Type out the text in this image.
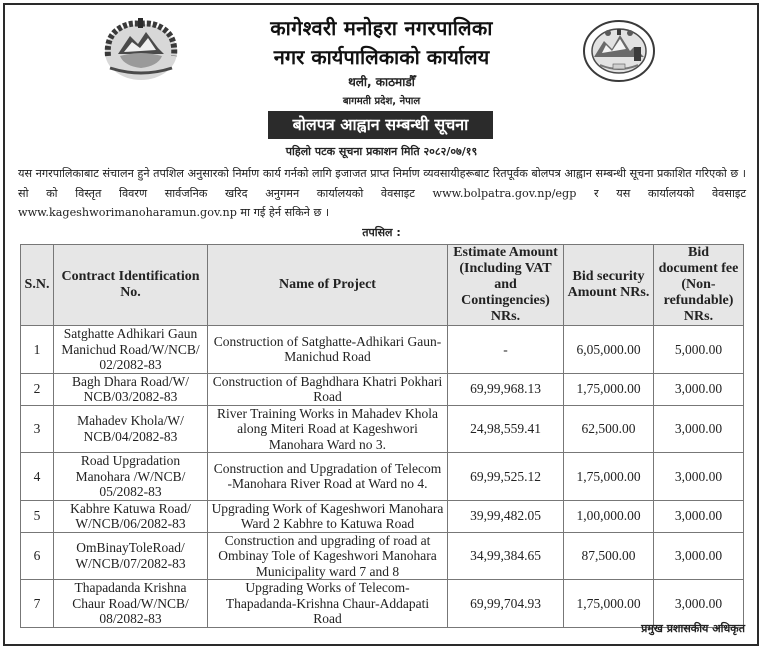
कागेश्वरी मनोहरा नगरपालिका
नगर कार्यपालिकाको कार्यालय
थली, काठमाडौँ
बागमती प्रदेश, नेपाल
बोलपत्र आह्वान सम्बन्धी सूचना
पहिलो पटक सूचना प्रकाशन मिति २०८२/०७/१९
यस नगरपालिकाबाट संचालन हुने तपशिल अनुसारको निर्माण कार्य गर्नको लागि इजाजत प्राप्त निर्माण व्यवसायीहरूबाट रितपूर्वक बोलपत्र आह्वान सम्बन्धी सूचना प्रकाशित गरिएको छ । सो को विस्तृत विवरण सार्वजनिक खरिद अनुगमन कार्यालयको वेवसाइट www.bolpatra.gov.np/egp र यस कार्यालयको वेवसाइट www.kageshworimanoharamun.gov.np मा गई हेर्न सकिने छ ।
तपसिल :
S.N.	Contract Identification No.	Name of Project	Estimate Amount (Including VAT and Contingencies) NRs.	Bid security Amount NRs.	Bid document fee (Non-refundable) NRs.
1	Satghatte Adhikari Gaun Manichud Road/W/NCB/ 02/2082-83	Construction of Satghatte-Adhikari Gaun-Manichud Road	-	6,05,000.00	5,000.00
2	Bagh Dhara Road/W/ NCB/03/2082-83	Construction of Baghdhara Khatri Pokhari Road	69,99,968.13	1,75,000.00	3,000.00
3	Mahadev Khola/W/ NCB/04/2082-83	River Training Works in Mahadev Khola along Miteri Road at Kageshwori Manohara Ward no 3.	24,98,559.41	62,500.00	3,000.00
4	Road Upgradation Manohara /W/NCB/ 05/2082-83	Construction and Upgradation of Telecom -Manohara River Road at Ward no 4.	69,99,525.12	1,75,000.00	3,000.00
5	Kabhre Katuwa Road/ W/NCB/06/2082-83	Upgrading Work of Kageshwori Manohara Ward 2 Kabhre to Katuwa Road	39,99,482.05	1,00,000.00	3,000.00
6	OmBinayToleRoad/ W/NCB/07/2082-83	Construction and upgrading of road at Ombinay Tole of Kageshwori Manohara Municipality ward 7 and 8	34,99,384.65	87,500.00	3,000.00
7	Thapadanda Krishna Chaur Road/W/NCB/ 08/2082-83	Upgrading Works of Telecom-Thapadanda-Krishna Chaur-Addapati Road	69,99,704.93	1,75,000.00	3,000.00
प्रमुख प्रशासकीय अधिकृत
